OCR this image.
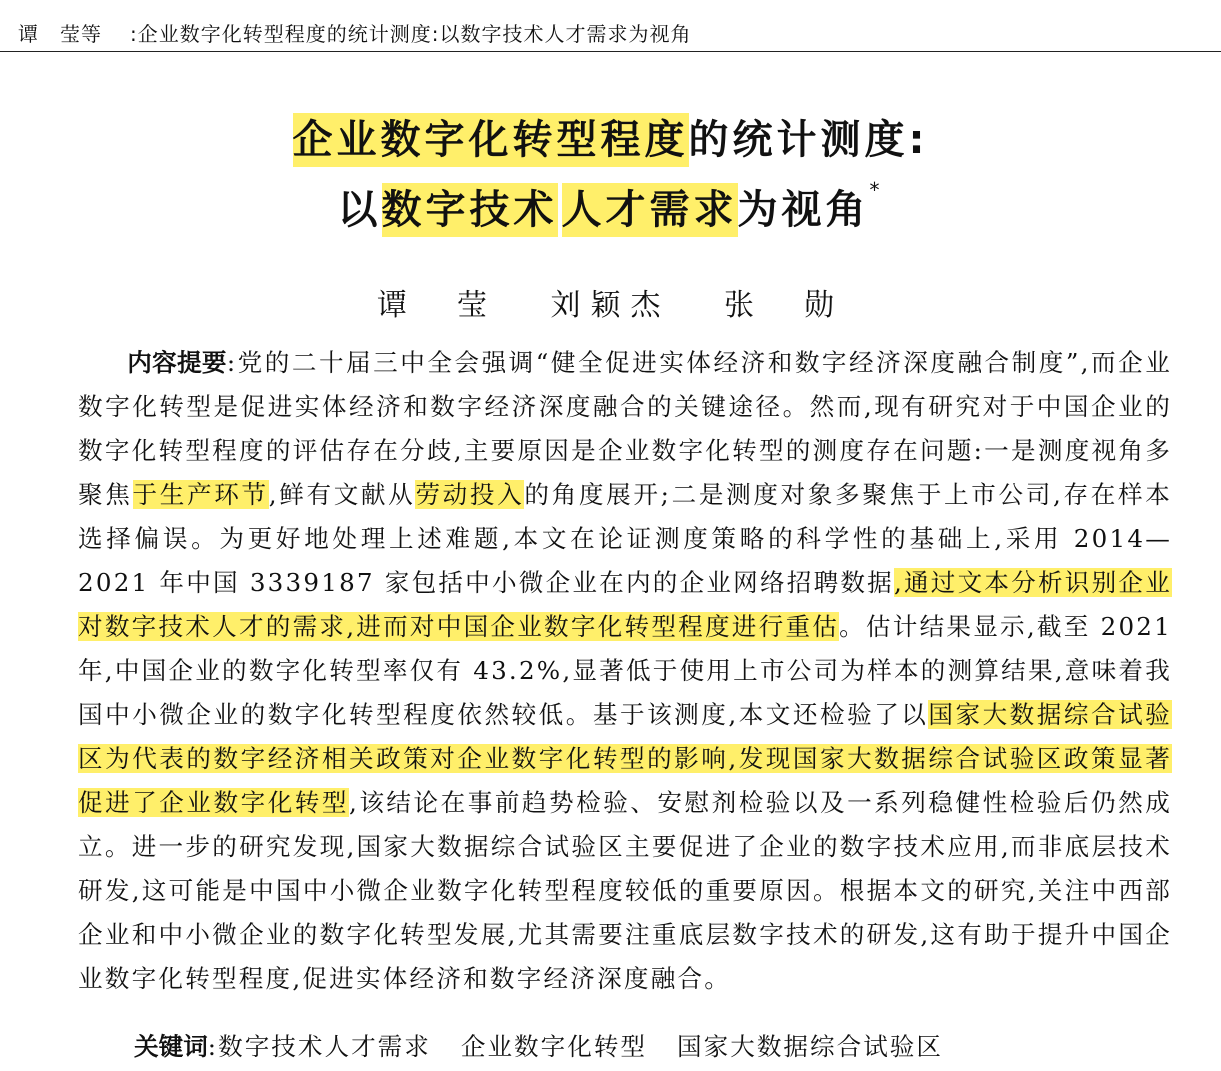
谭　莹等 :企业数字化转型程度的统计测度:以数字技术人才需求为视角
企业数字化转型程度的统计测度:
以数字技术 人才需求为视角*
谭　莹 刘颖杰 张　勋

内容提要:党的二十届三中全会强调“健全促进实体经济和数字经济深度融合制度”,而企业数字化转型是促进实体经济和数字经济深度融合的关键途径。然而,现有研究对于中国企业的数字化转型程度的评估存在分歧,主要原因是企业数字化转型的测度存在问题:一是测度视角多聚焦于生产环节,鲜有文献从劳动投入的角度展开;二是测度对象多聚焦于上市公司,存在样本选择偏误。为更好地处理上述难题,本文在论证测度策略的科学性的基础上,采用 2014—2021 年中国 3339187 家包括中小微企业在内的企业网络招聘数据,通过文本分析识别企业对数字技术人才的需求,进而对中国企业数字化转型程度进行重估。估计结果显示,截至 2021 年,中国企业的数字化转型率仅有 43.2%,显著低于使用上市公司为样本的测算结果,意味着我国中小微企业的数字化转型程度依然较低。基于该测度,本文还检验了以国家大数据综合试验区为代表的数字经济相关政策对企业数字化转型的影响,发现国家大数据综合试验区政策显著促进了企业数字化转型,该结论在事前趋势检验、安慰剂检验以及一系列稳健性检验后仍然成立。进一步的研究发现,国家大数据综合试验区主要促进了企业的数字技术应用,而非底层技术研发,这可能是中国中小微企业数字化转型程度较低的重要原因。根据本文的研究,关注中西部企业和中小微企业的数字化转型发展,尤其需要注重底层数字技术的研发,这有助于提升中国企业数字化转型程度,促进实体经济和数字经济深度融合。

关键词:数字技术人才需求 企业数字化转型 国家大数据综合试验区
